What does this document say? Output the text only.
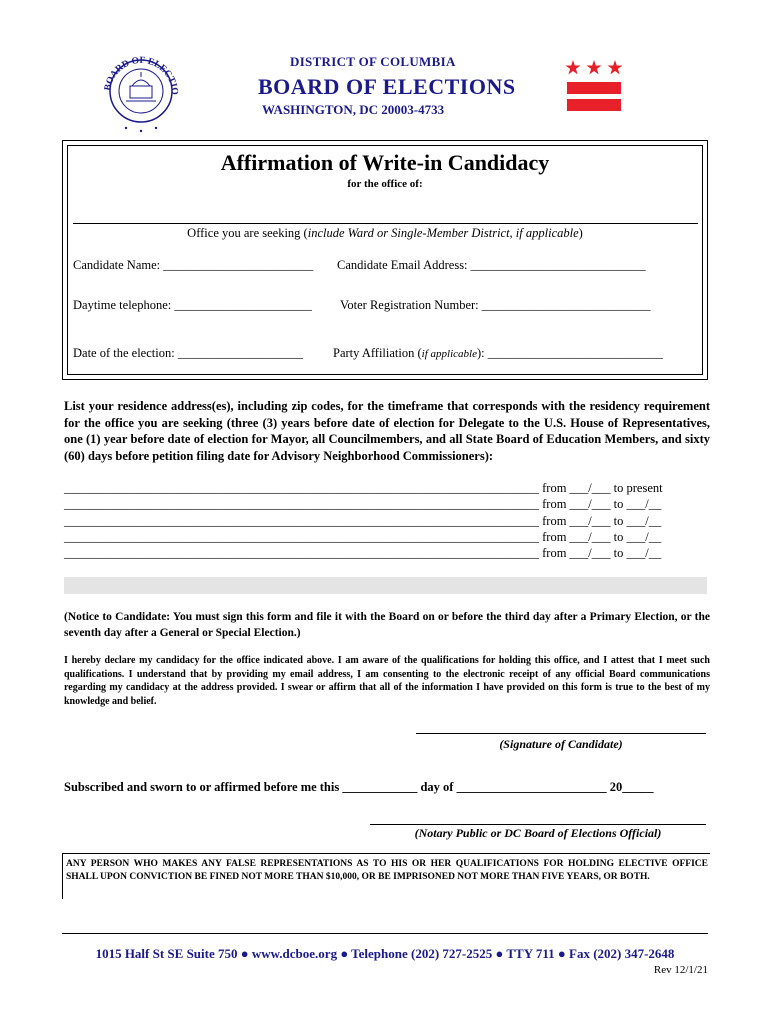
BOARD OF ELECTIO
DISTRICT OF COLUMBIA
BOARD OF ELECTIONS
WASHINGTON, DC 20003-4733
Affirmation of Write-in Candidacy
for the office of:
Office you are seeking (include Ward or Single-Member District, if applicable)
Candidate Name: ________________________ Candidate Email Address: ____________________________
Daytime telephone: ______________________ Voter Registration Number: ___________________________
Date of the election: ____________________ Party Affiliation (if applicable): ____________________________
List your residence address(es), including zip codes, for the timeframe that corresponds with the residency requirement for the office you are seeking (three (3) years before date of election for Delegate to the U.S. House of Representatives, one (1) year before date of election for Mayor, all Councilmembers, and all State Board of Education Members, and sixty (60) days before petition filing date for Advisory Neighborhood Commissioners):
____________________________________________________________________________ from ___/___ to present
____________________________________________________________________________ from ___/___ to ___/__
____________________________________________________________________________ from ___/___ to ___/__
____________________________________________________________________________ from ___/___ to ___/__
____________________________________________________________________________ from ___/___ to ___/__
(Notice to Candidate: You must sign this form and file it with the Board on or before the third day after a Primary Election, or the seventh day after a General or Special Election.)
I hereby declare my candidacy for the office indicated above. I am aware of the qualifications for holding this office, and I attest that I meet such qualifications. I understand that by providing my email address, I am consenting to the electronic receipt of any official Board communications regarding my candidacy at the address provided. I swear or affirm that all of the information I have provided on this form is true to the best of my knowledge and belief.
(Signature of Candidate)
Subscribed and sworn to or affirmed before me this ____________ day of ________________________ 20_____
(Notary Public or DC Board of Elections Official)
ANY PERSON WHO MAKES ANY FALSE REPRESENTATIONS AS TO HIS OR HER QUALIFICATIONS FOR HOLDING ELECTIVE OFFICE SHALL UPON CONVICTION BE FINED NOT MORE THAN $10,000, OR BE IMPRISONED NOT MORE THAN FIVE YEARS, OR BOTH.
1015 Half St SE Suite 750 ● www.dcboe.org ● Telephone (202) 727-2525 ● TTY 711 ● Fax (202) 347-2648
Rev 12/1/21
